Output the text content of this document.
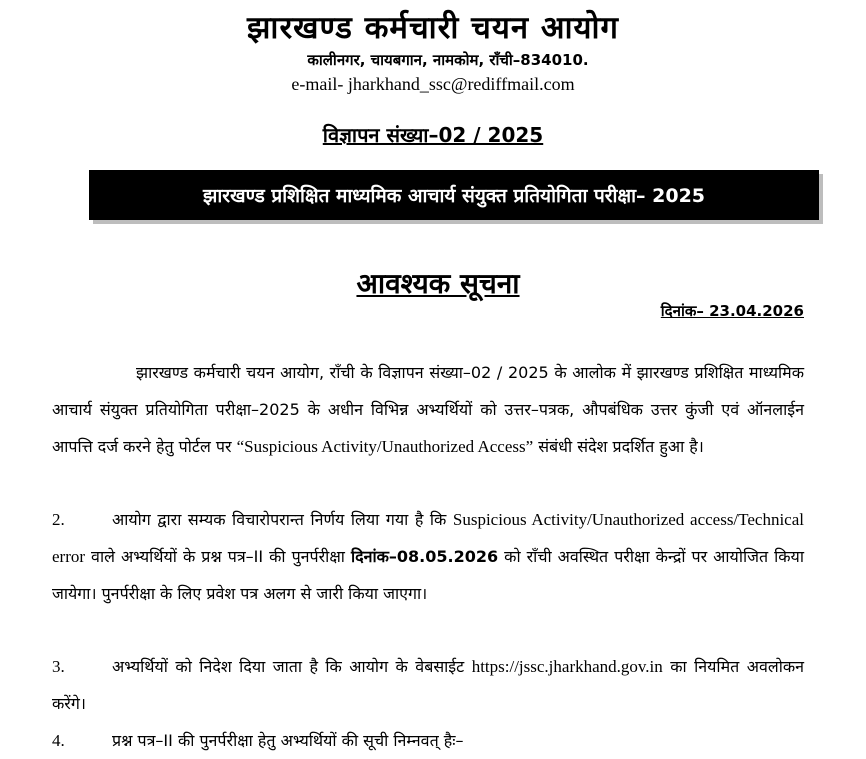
झारखण्ड कर्मचारी चयन आयोग
कालीनगर, चायबगान, नामकोम, राँची–834010.
e-mail- jharkhand_ssc@rediffmail.com
विज्ञापन संख्या–02 / 2025
झारखण्ड प्रशिक्षित माध्यमिक आचार्य संयुक्त प्रतियोगिता परीक्षा– 2025
आवश्यक सूचना
दिनांक– 23.04.2026
झारखण्ड कर्मचारी चयन आयोग, राँची के विज्ञापन संख्या–02 / 2025 के आलोक में झारखण्ड प्रशिक्षित माध्यमिक आचार्य संयुक्त प्रतियोगिता परीक्षा–2025 के अधीन विभिन्न अभ्यर्थियों को उत्तर–पत्रक, औपबंधिक उत्तर कुंजी एवं ऑनलाईन आपत्ति दर्ज करने हेतु पोर्टल पर “Suspicious Activity/Unauthorized Access” संबंधी संदेश प्रदर्शित हुआ है।
2.	आयोग द्वारा सम्यक विचारोपरान्त निर्णय लिया गया है कि Suspicious Activity/Unauthorized access/Technical error वाले अभ्यर्थियों के प्रश्न पत्र–II की पुनर्परीक्षा दिनांक–08.05.2026 को राँची अवस्थित परीक्षा केन्द्रों पर आयोजित किया जायेगा। पुनर्परीक्षा के लिए प्रवेश पत्र अलग से जारी किया जाएगा।
3.	अभ्यर्थियों को निदेश दिया जाता है कि आयोग के वेबसाईट https://jssc.jharkhand.gov.in का नियमित अवलोकन करेंगे।
4.	प्रश्न पत्र–II की पुनर्परीक्षा हेतु अभ्यर्थियों की सूची निम्नवत् हैः–
